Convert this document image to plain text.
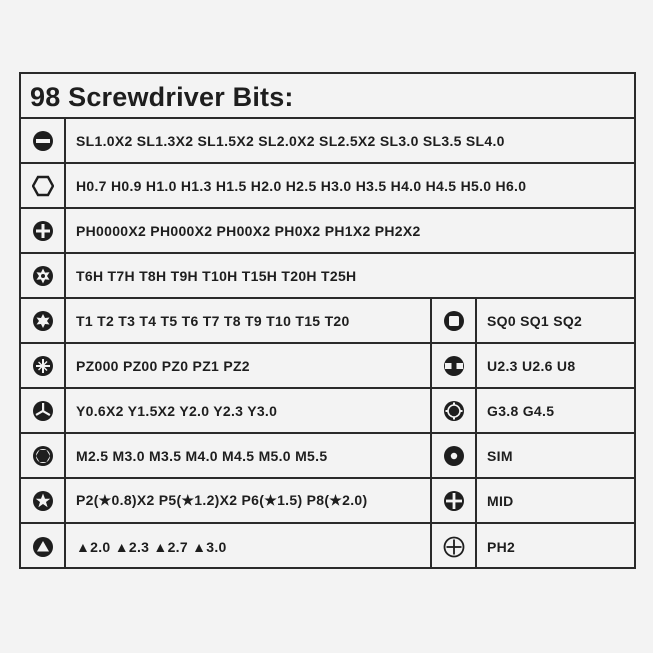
98 Screwdriver Bits:
SL1.0X2 SL1.3X2 SL1.5X2 SL2.0X2 SL2.5X2 SL3.0 SL3.5 SL4.0
H0.7 H0.9 H1.0 H1.3 H1.5 H2.0 H2.5 H3.0 H3.5 H4.0 H4.5 H5.0 H6.0
PH0000X2 PH000X2 PH00X2 PH0X2 PH1X2 PH2X2
T6H T7H T8H T9H T10H T15H T20H T25H
T1 T2 T3 T4 T5 T6 T7 T8 T9 T10 T15 T20	SQ0 SQ1 SQ2
PZ000 PZ00 PZ0 PZ1 PZ2	U2.3 U2.6 U8
Y0.6X2 Y1.5X2 Y2.0 Y2.3 Y3.0	G3.8 G4.5
M2.5 M3.0 M3.5 M4.0 M4.5 M5.0 M5.5	SIM
P2(★0.8)X2 P5(★1.2)X2 P6(★1.5) P8(★2.0)	MID
▲2.0 ▲2.3 ▲2.7 ▲3.0	PH2
